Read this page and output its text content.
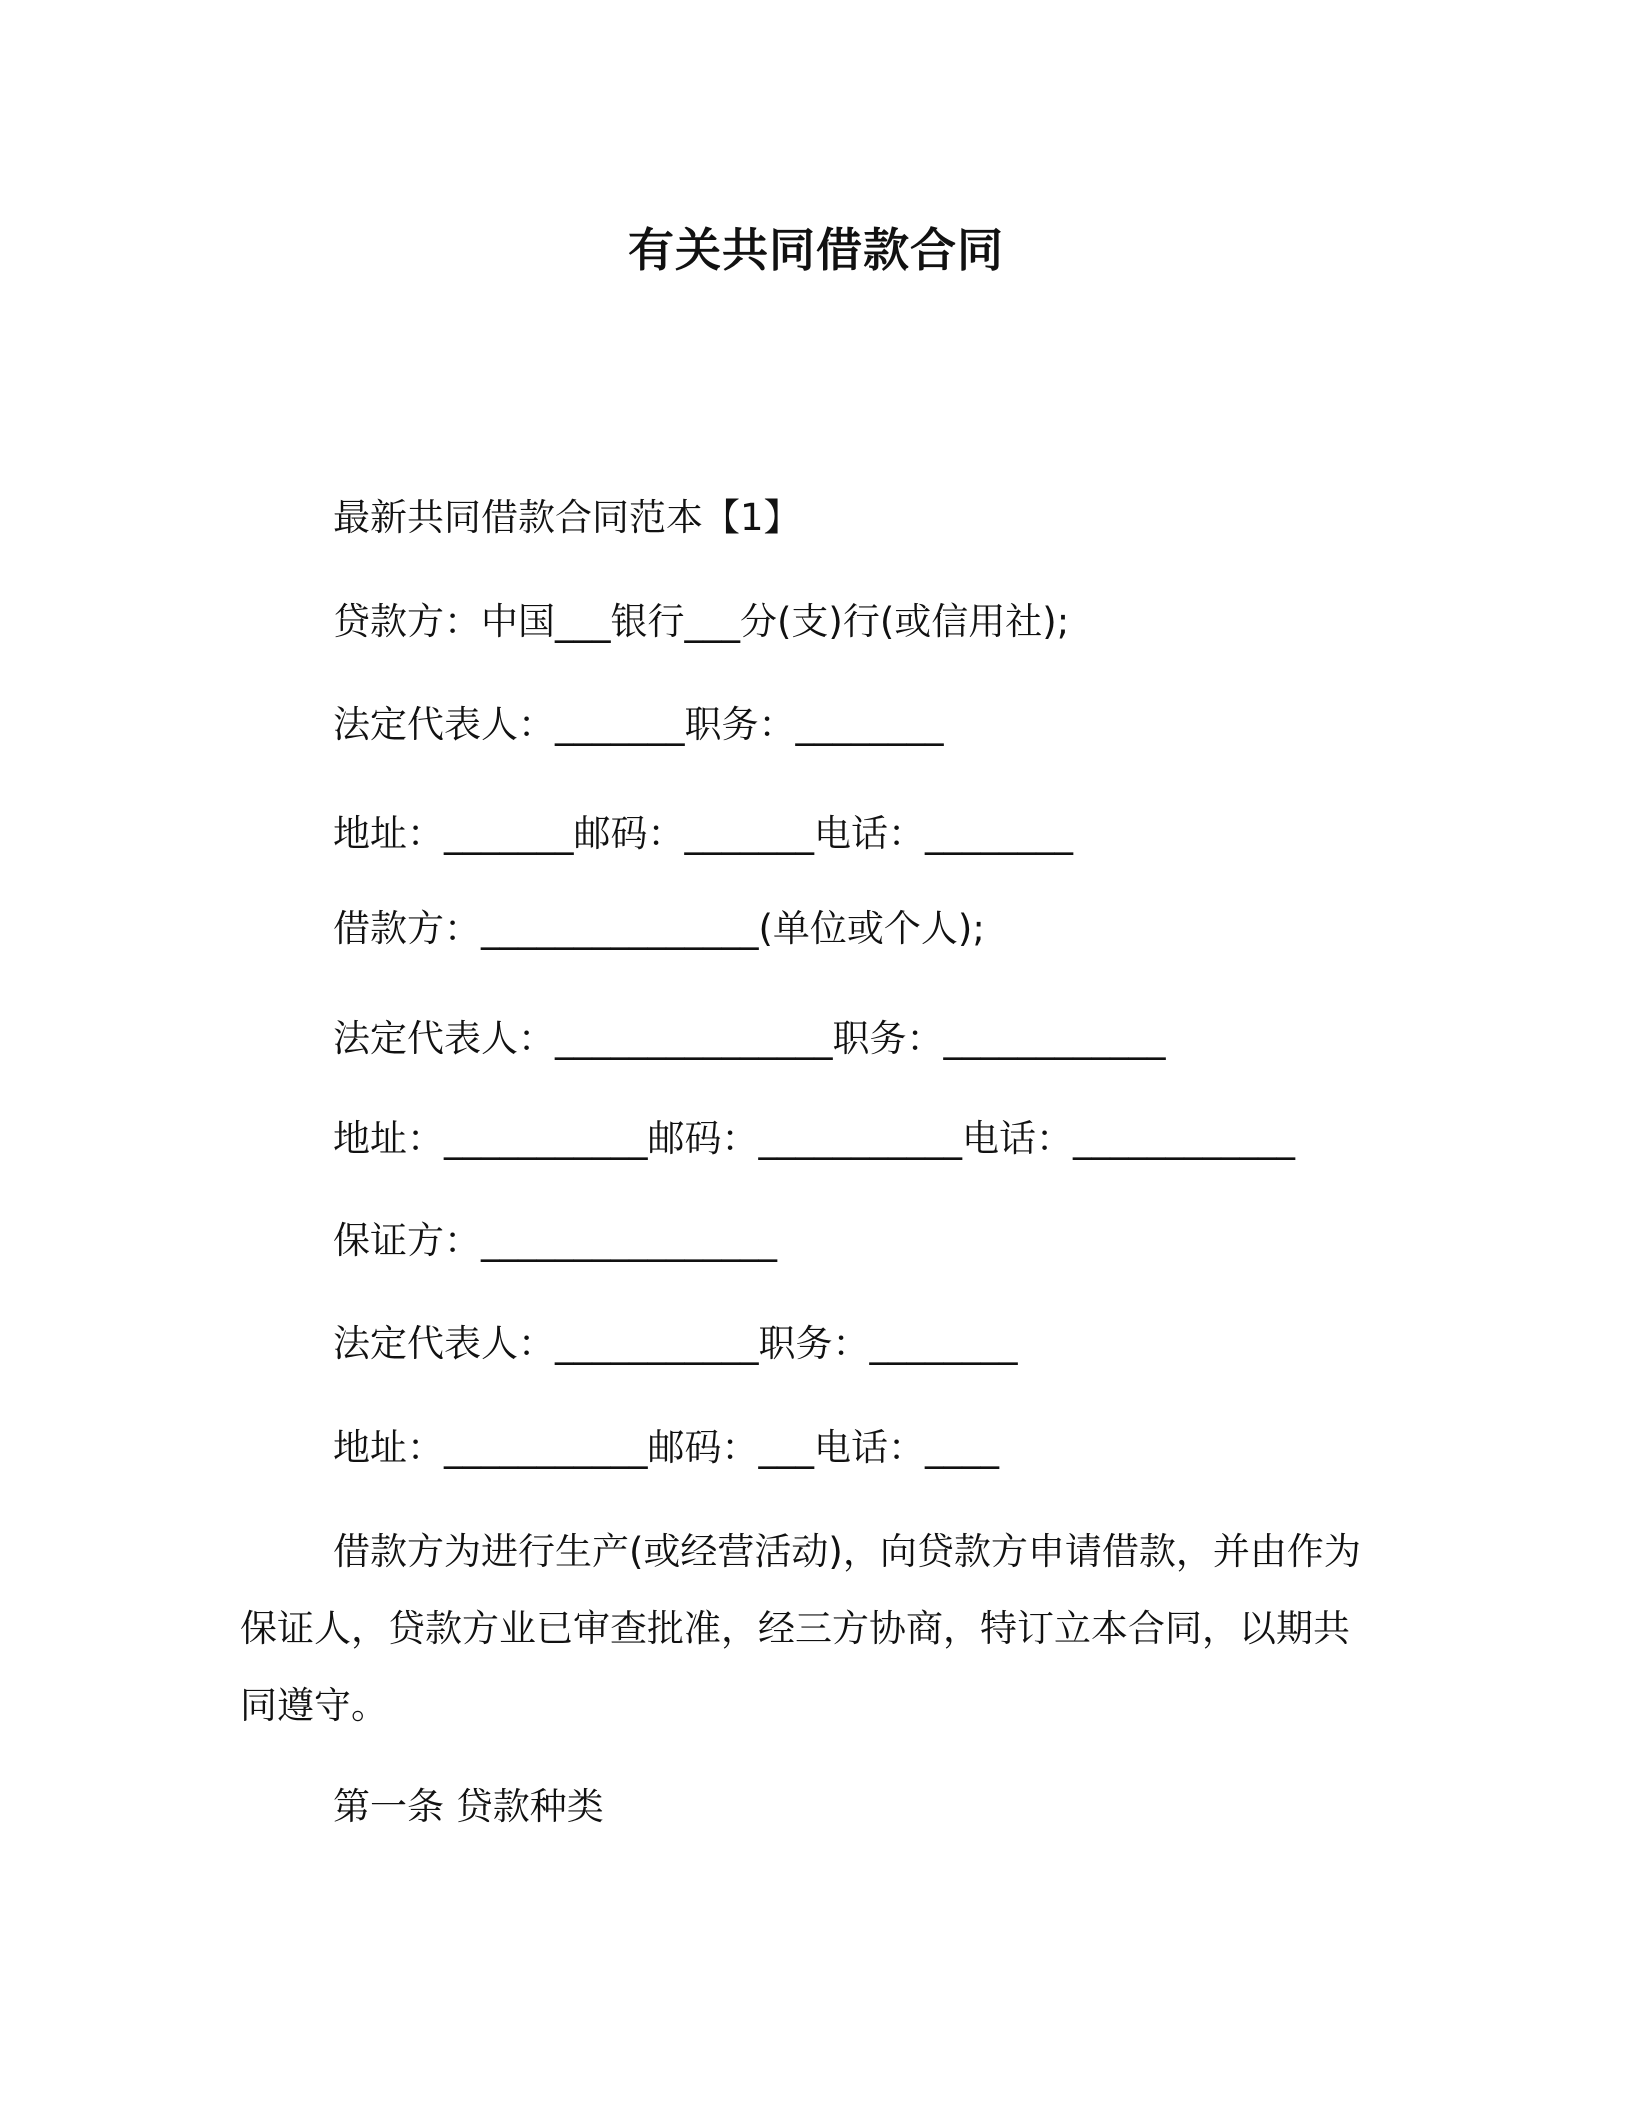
有关共同借款合同
最新共同借款合同范本【1】
贷款方：中国___银行___分(支)行(或信用社);
法定代表人：_______职务：________
地址：_______邮码：_______电话：________
借款方：_______________(单位或个人);
法定代表人：_______________职务：____________
地址：___________邮码：___________电话：____________
保证方：________________
法定代表人：___________职务：________
地址：___________邮码：___电话：____
借款方为进行生产(或经营活动)，向贷款方申请借款，并由作为保证人，贷款方业已审查批准，经三方协商，特订立本合同，以期共同遵守。
第一条 贷款种类
